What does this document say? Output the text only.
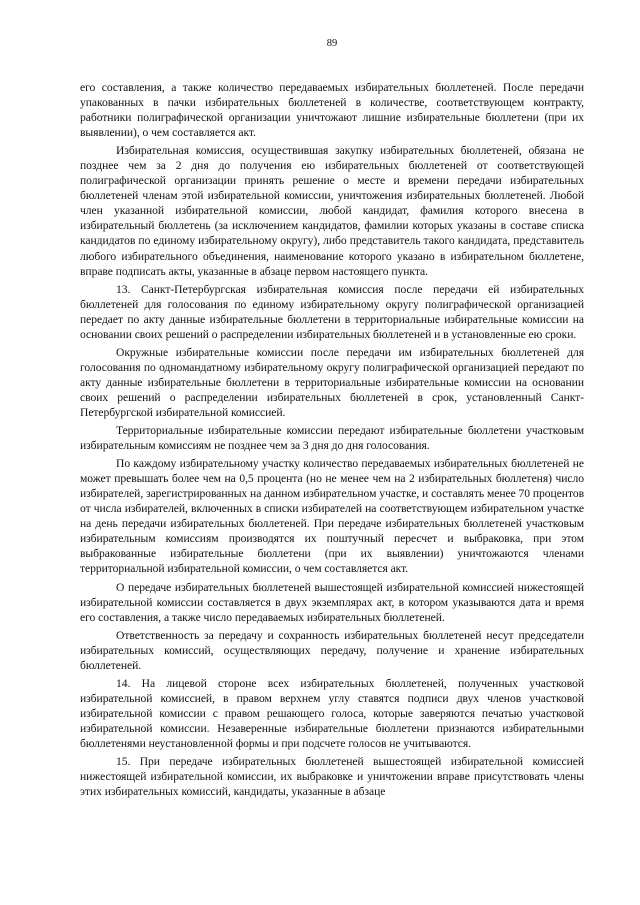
89

его составления, а также количество передаваемых избирательных бюллетеней. После передачи упакованных в пачки избирательных бюллетеней в количестве, соответствующем контракту, работники полиграфической организации уничтожают лишние избирательные бюллетени (при их выявлении), о чем составляется акт.

Избирательная комиссия, осуществившая закупку избирательных бюллетеней, обязана не позднее чем за 2 дня до получения ею избирательных бюллетеней от соответствующей полиграфической организации принять решение о месте и времени передачи избирательных бюллетеней членам этой избирательной комиссии, уничтожения избирательных бюллетеней. Любой член указанной избирательной комиссии, любой кандидат, фамилия которого внесена в избирательный бюллетень (за исключением кандидатов, фамилии которых указаны в составе списка кандидатов по единому избирательному округу), либо представитель такого кандидата, представитель любого избирательного объединения, наименование которого указано в избирательном бюллетене, вправе подписать акты, указанные в абзаце первом настоящего пункта.

13. Санкт-Петербургская избирательная комиссия после передачи ей избирательных бюллетеней для голосования по единому избирательному округу полиграфической организацией передает по акту данные избирательные бюллетени в территориальные избирательные комиссии на основании своих решений о распределении избирательных бюллетеней и в установленные ею сроки.

Окружные избирательные комиссии после передачи им избирательных бюллетеней для голосования по одномандатному избирательному округу полиграфической организацией передают по акту данные избирательные бюллетени в территориальные избирательные комиссии на основании своих решений о распределении избирательных бюллетеней в срок, установленный Санкт-Петербургской избирательной комиссией.

Территориальные избирательные комиссии передают избирательные бюллетени участковым избирательным комиссиям не позднее чем за 3 дня до дня голосования.

По каждому избирательному участку количество передаваемых избирательных бюллетеней не может превышать более чем на 0,5 процента (но не менее чем на 2 избирательных бюллетеня) число избирателей, зарегистрированных на данном избирательном участке, и составлять менее 70 процентов от числа избирателей, включенных в списки избирателей на соответствующем избирательном участке на день передачи избирательных бюллетеней. При передаче избирательных бюллетеней участковым избирательным комиссиям производятся их поштучный пересчет и выбраковка, при этом выбракованные избирательные бюллетени (при их выявлении) уничтожаются членами территориальной избирательной комиссии, о чем составляется акт.

О передаче избирательных бюллетеней вышестоящей избирательной комиссией нижестоящей избирательной комиссии составляется в двух экземплярах акт, в котором указываются дата и время его составления, а также число передаваемых избирательных бюллетеней.

Ответственность за передачу и сохранность избирательных бюллетеней несут председатели избирательных комиссий, осуществляющих передачу, получение и хранение избирательных бюллетеней.

14. На лицевой стороне всех избирательных бюллетеней, полученных участковой избирательной комиссией, в правом верхнем углу ставятся подписи двух членов участковой избирательной комиссии с правом решающего голоса, которые заверяются печатью участковой избирательной комиссии. Незаверенные избирательные бюллетени признаются избирательными бюллетенями неустановленной формы и при подсчете голосов не учитываются.

15. При передаче избирательных бюллетеней вышестоящей избирательной комиссией нижестоящей избирательной комиссии, их выбраковке и уничтожении вправе присутствовать члены этих избирательных комиссий, кандидаты, указанные в абзаце
